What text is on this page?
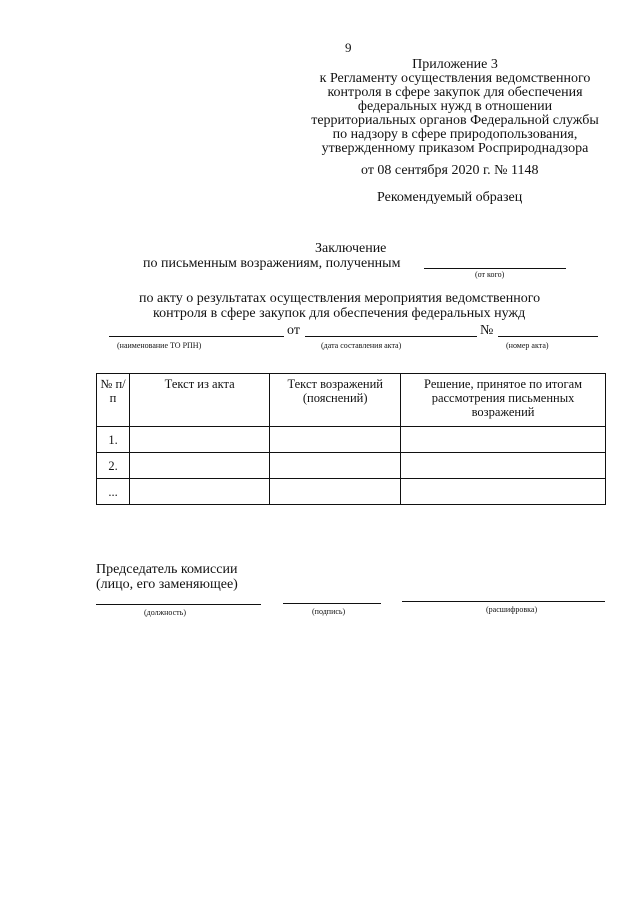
9
Приложение 3
к Регламенту осуществления ведомственного
контроля в сфере закупок для обеспечения
федеральных нужд в отношении
территориальных органов Федеральной службы
по надзору в сфере природопользования,
утвержденному приказом Росприроднадзора
от 08 сентября 2020 г. № 1148
Рекомендуемый образец
Заключение
по письменным возражениям, полученным
(от кого)
по акту о результатах осуществления мероприятия ведомственного
контроля в сфере закупок для обеспечения федеральных нужд
от	№
(наименование ТО РПН)	(дата составления акта)	(номер акта)
№ п/п	Текст из акта	Текст возражений (пояснений)	Решение, принятое по итогам рассмотрения письменных возражений

1.			
2.			
...			
Председатель комиссии
(лицо, его заменяющее)
(должность)	(подпись)	(расшифровка)
